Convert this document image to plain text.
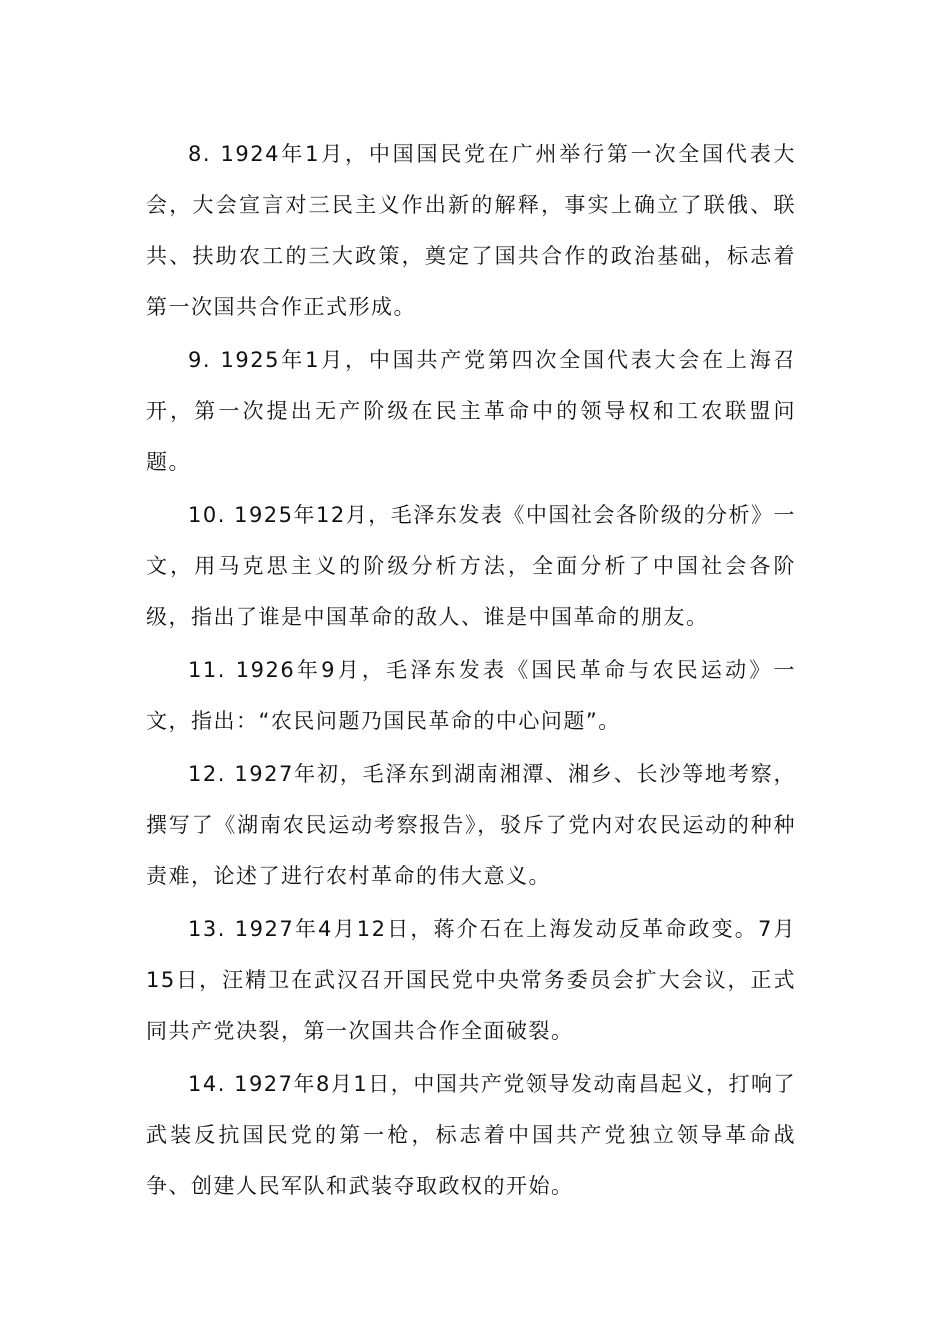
8. 1924年1月，中国国民党在广州举行第一次全国代表大会，大会宣言对三民主义作出新的解释，事实上确立了联俄、联共、扶助农工的三大政策，奠定了国共合作的政治基础，标志着第一次国共合作正式形成。

9. 1925年1月，中国共产党第四次全国代表大会在上海召开，第一次提出无产阶级在民主革命中的领导权和工农联盟问题。

10. 1925年12月，毛泽东发表《中国社会各阶级的分析》一文，用马克思主义的阶级分析方法，全面分析了中国社会各阶级，指出了谁是中国革命的敌人、谁是中国革命的朋友。

11. 1926年9月，毛泽东发表《国民革命与农民运动》一文，指出：“农民问题乃国民革命的中心问题”。

12. 1927年初，毛泽东到湖南湘潭、湘乡、长沙等地考察，撰写了《湖南农民运动考察报告》，驳斥了党内对农民运动的种种责难，论述了进行农村革命的伟大意义。

13. 1927年4月12日，蒋介石在上海发动反革命政变。7月15日，汪精卫在武汉召开国民党中央常务委员会扩大会议，正式同共产党决裂，第一次国共合作全面破裂。

14. 1927年8月1日，中国共产党领导发动南昌起义，打响了武装反抗国民党的第一枪，标志着中国共产党独立领导革命战争、创建人民军队和武装夺取政权的开始。
